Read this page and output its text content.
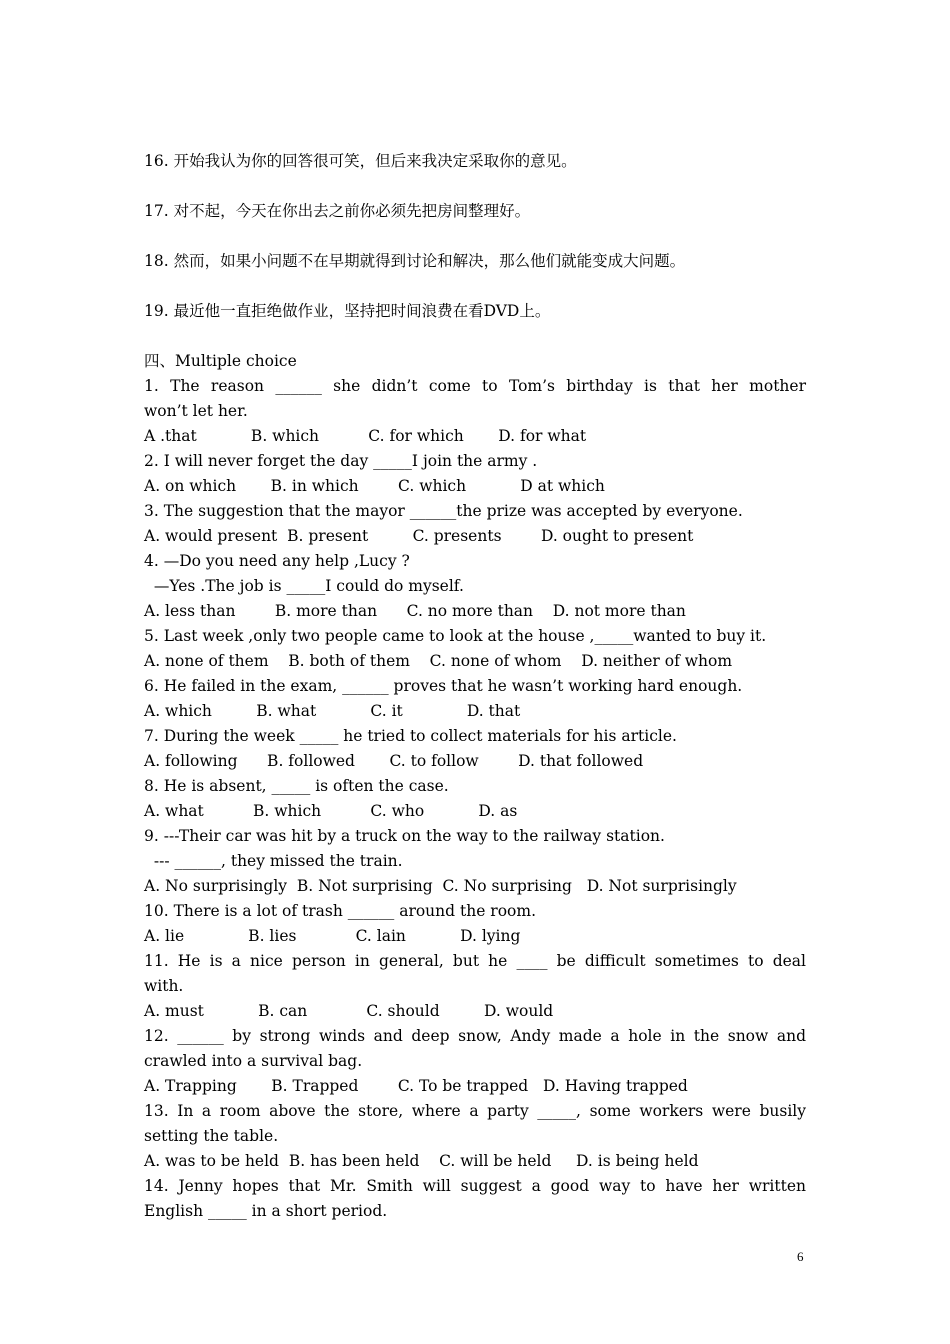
16. 开始我认为你的回答很可笑，但后来我决定采取你的意见。
17. 对不起，今天在你出去之前你必须先把房间整理好。
18. 然而，如果小问题不在早期就得到讨论和解决，那么他们就能变成大问题。
19. 最近他一直拒绝做作业，坚持把时间浪费在看DVD上。
四、Multiple choice
1. The reason ______ she didn’t come to Tom’s birthday is that her mother
won’t let her.
A .that           B. which          C. for which       D. for what
2. I will never forget the day _____I join the army .
A. on which       B. in which        C. which           D at which
3. The suggestion that the mayor ______the prize was accepted by everyone.
A. would present  B. present         C. presents        D. ought to present
4. —Do you need any help ,Lucy ?
—Yes .The job is _____I could do myself.
A. less than        B. more than      C. no more than    D. not more than
5. Last week ,only two people came to look at the house ,_____wanted to buy it.
A. none of them    B. both of them    C. none of whom    D. neither of whom
6. He failed in the exam, ______ proves that he wasn’t working hard enough.
A. which         B. what           C. it             D. that
7. During the week _____ he tried to collect materials for his article.
A. following      B. followed       C. to follow        D. that followed
8. He is absent, _____ is often the case.
A. what          B. which          C. who           D. as
9. ---Their car was hit by a truck on the way to the railway station.
--- ______, they missed the train.
A. No surprisingly  B. Not surprising  C. No surprising   D. Not surprisingly
10. There is a lot of trash ______ around the room.
A. lie             B. lies            C. lain           D. lying
11. He is a nice person in general, but he ____ be difficult sometimes to deal
with.
A. must           B. can            C. should         D. would
12. ______ by strong winds and deep snow, Andy made a hole in the snow and
crawled into a survival bag.
A. Trapping       B. Trapped        C. To be trapped   D. Having trapped
13. In a room above the store, where a party _____, some workers were busily
setting the table.
A. was to be held  B. has been held    C. will be held     D. is being held
14. Jenny hopes that Mr. Smith will suggest a good way to have her written
English _____ in a short period.
6
